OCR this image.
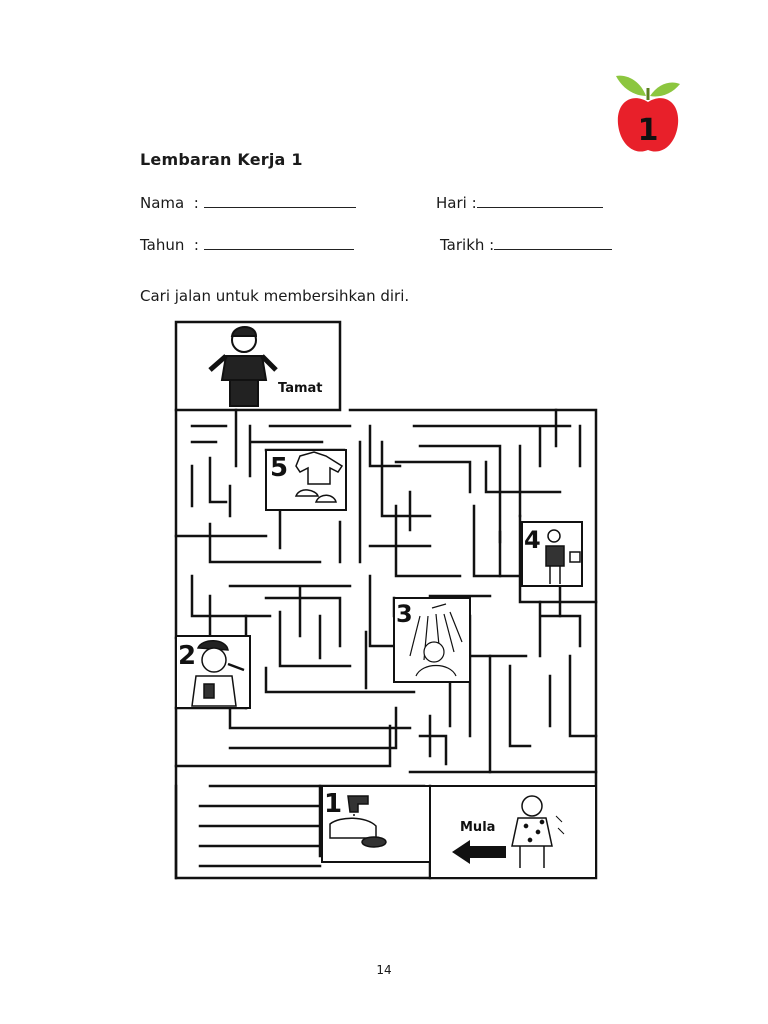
1
Lembaran Kerja 1
Nama  :	Hari :
Tahun  :	Tarikh :
Cari jalan untuk membersihkan diri.
Tamat
5
4
3
2
1
Mula
14
